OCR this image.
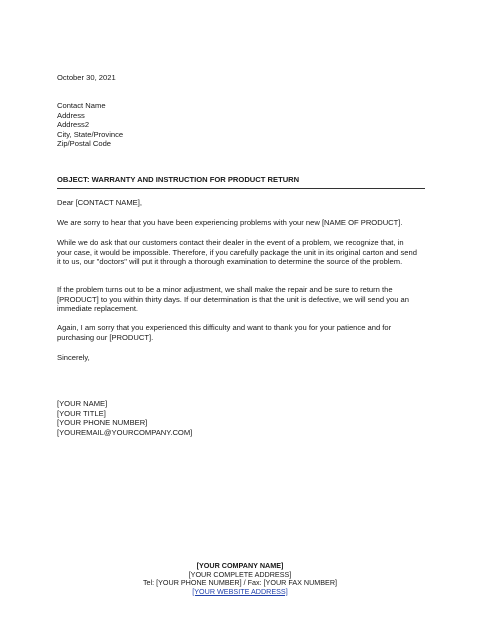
October 30, 2021
Contact Name
Address
Address2
City, State/Province
Zip/Postal Code
OBJECT: WARRANTY AND INSTRUCTION FOR PRODUCT RETURN
Dear [CONTACT NAME],
We are sorry to hear that you have been experiencing problems with your new [NAME OF PRODUCT].
While we do ask that our customers contact their dealer in the event of a problem, we recognize that, in your case, it would be impossible. Therefore, if you carefully package the unit in its original carton and send it to us, our "doctors" will put it through a thorough examination to determine the source of the problem.
If the problem turns out to be a minor adjustment, we shall make the repair and be sure to return the [PRODUCT] to you within thirty days. If our determination is that the unit is defective, we will send you an immediate replacement.
Again, I am sorry that you experienced this difficulty and want to thank you for your patience and for purchasing our [PRODUCT].
Sincerely,
[YOUR NAME]
[YOUR TITLE]
[YOUR PHONE NUMBER]
[YOUREMAIL@YOURCOMPANY.COM]
[YOUR COMPANY NAME]
[YOUR COMPLETE ADDRESS]
Tel: [YOUR PHONE NUMBER] / Fax: [YOUR FAX NUMBER]
[YOUR WEBSITE ADDRESS]
